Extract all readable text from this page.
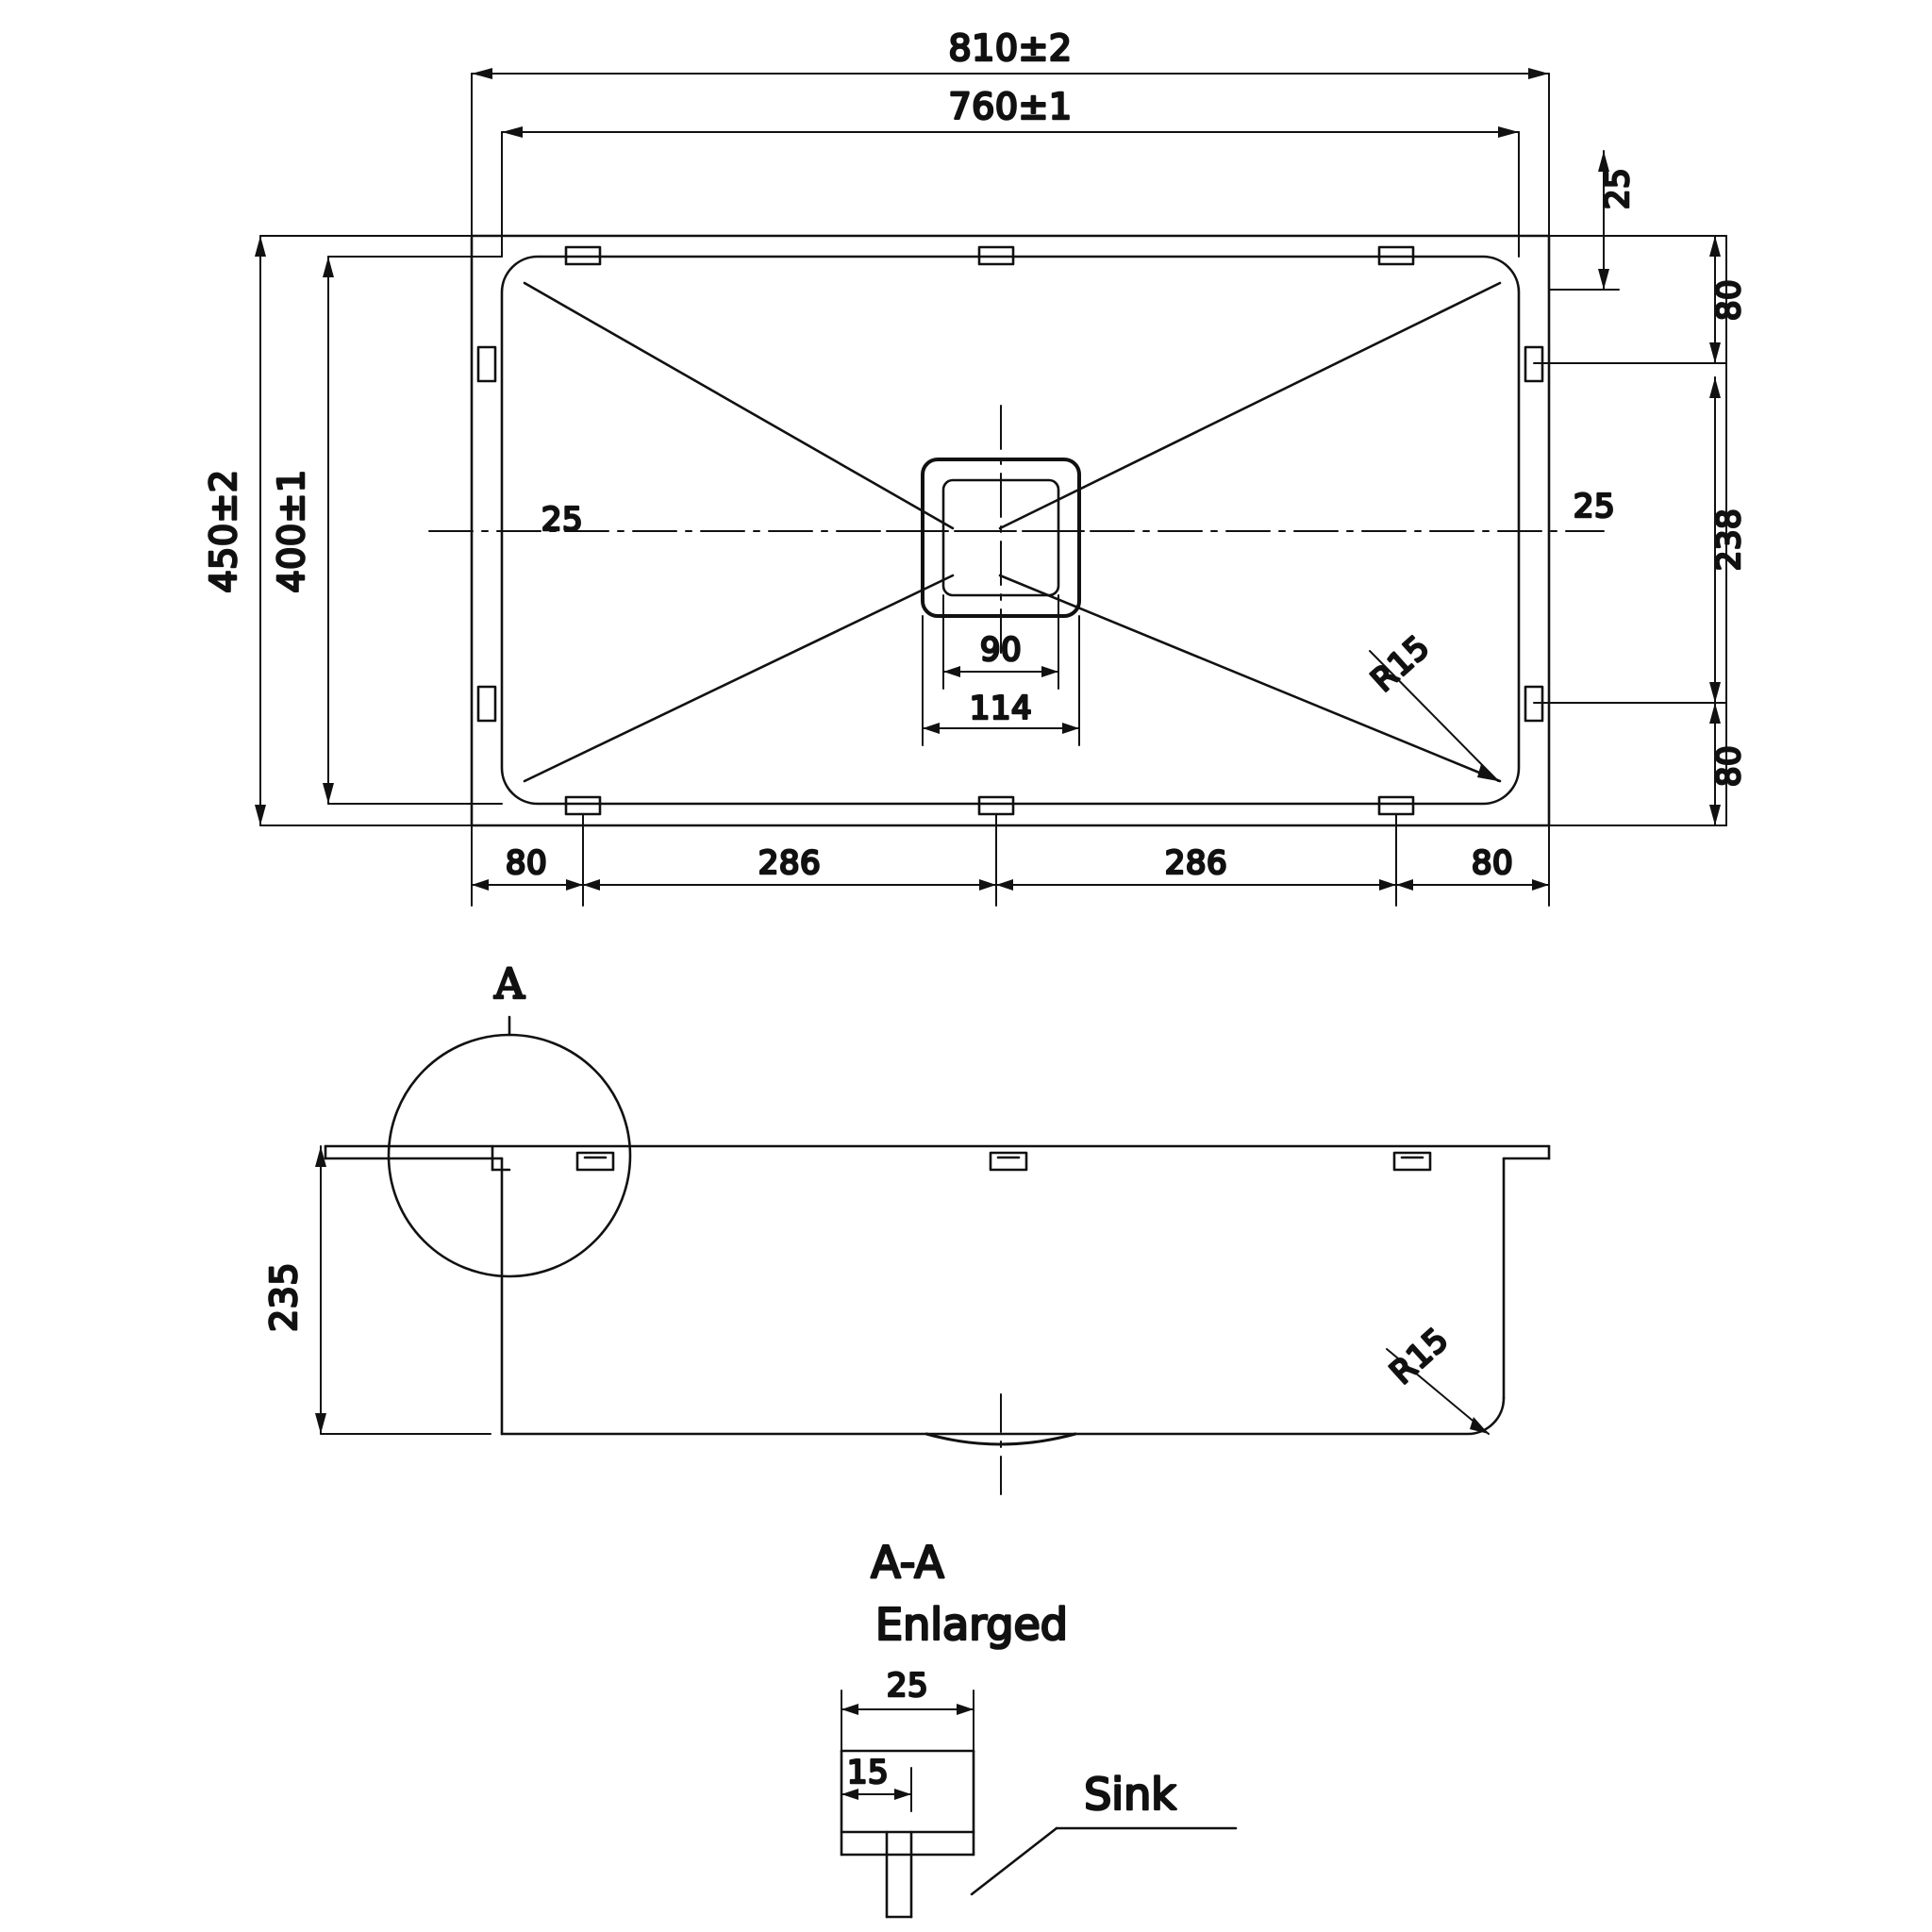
810±2
760±1
25
450±2 400±1	25	25
80
238
80
R15
90
114
80	286	286	80
A
235
R15
A-A
Enlarged
25
15	Sink
